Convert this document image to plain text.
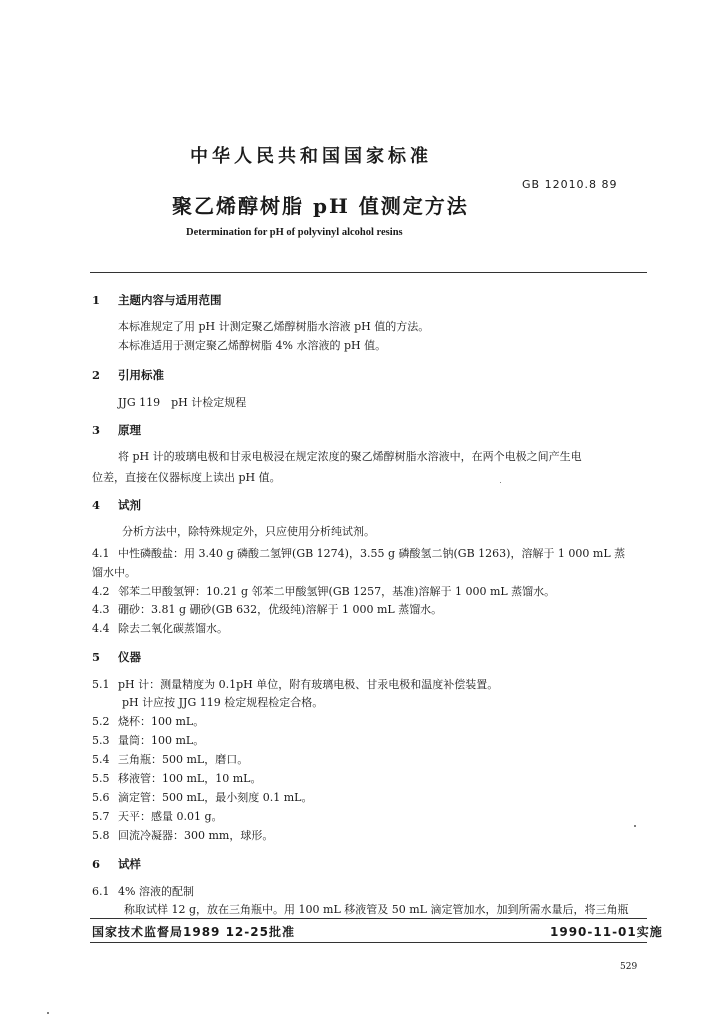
中华人民共和国国家标准
GB 12010.8 89
聚乙烯醇树脂 pH 值测定方法
Determination for pH of polyvinyl alcohol resins
1 主题内容与适用范围
本标准规定了用 pH 计测定聚乙烯醇树脂水溶液 pH 值的方法。
本标准适用于测定聚乙烯醇树脂 4% 水溶液的 pH 值。
2 引用标准
JJG 119　pH 计检定规程
3 原理
将 pH 计的玻璃电极和甘汞电极浸在规定浓度的聚乙烯醇树脂水溶液中，在两个电极之间产生电
位差，直接在仪器标度上读出 pH 值。
4 试剂
分析方法中，除特殊规定外，只应使用分析纯试剂。
4.1 中性磷酸盐：用 3.40 g 磷酸二氢钾(GB 1274)，3.55 g 磷酸氢二钠(GB 1263)，溶解于 1 000 mL 蒸
馏水中。
4.2 邻苯二甲酸氢钾：10.21 g 邻苯二甲酸氢钾(GB 1257，基准)溶解于 1 000 mL 蒸馏水。
4.3 硼砂：3.81 g 硼砂(GB 632，优级纯)溶解于 1 000 mL 蒸馏水。
4.4 除去二氧化碳蒸馏水。
5 仪器
5.1 pH 计：测量精度为 0.1pH 单位，附有玻璃电极、甘汞电极和温度补偿装置。
pH 计应按 JJG 119 检定规程检定合格。
5.2 烧杯：100 mL。
5.3 量筒：100 mL。
5.4 三角瓶：500 mL，磨口。
5.5 移液管：100 mL，10 mL。
5.6 滴定管：500 mL，最小刻度 0.1 mL。
5.7 天平：感量 0.01 g。
5.8 回流冷凝器：300 mm，球形。
6 试样
6.1 4% 溶液的配制
称取试样 12 g，放在三角瓶中。用 100 mL 移液管及 50 mL 滴定管加水，加到所需水量后，将三角瓶
国家技术监督局1989 12-25批准	1990-11-01实施
529
